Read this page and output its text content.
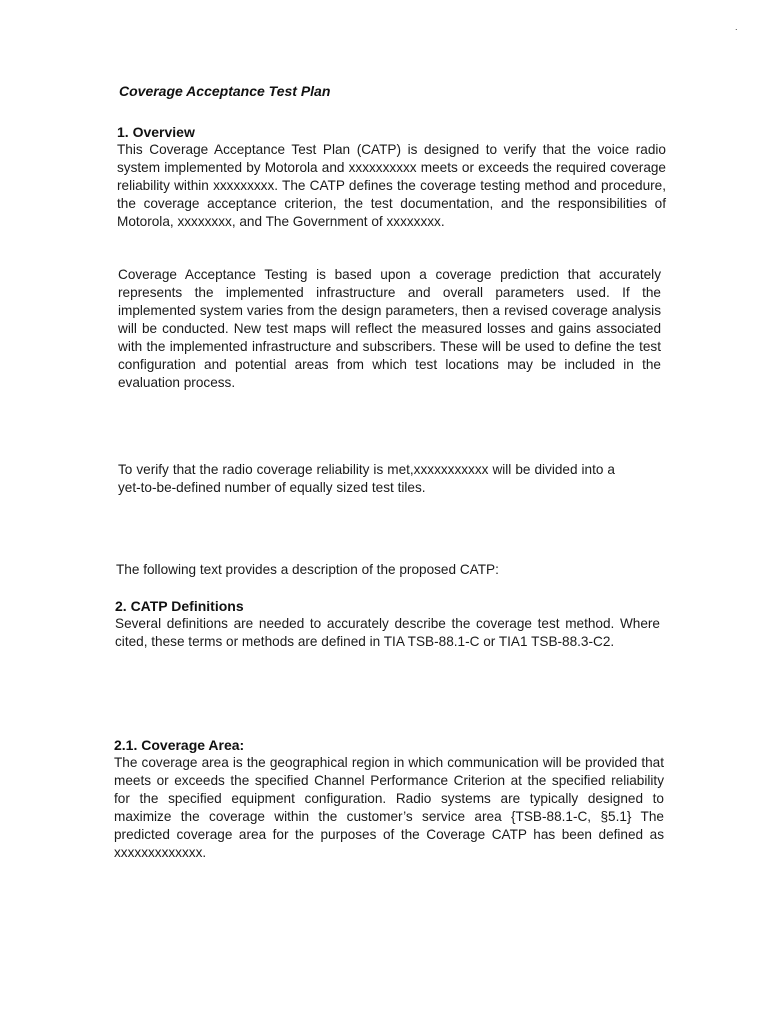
.
Coverage Acceptance Test Plan
1. Overview
This Coverage Acceptance Test Plan (CATP) is designed to verify that the voice radio system implemented by Motorola and xxxxxxxxxx meets or exceeds the required coverage reliability within xxxxxxxxx. The CATP defines the coverage testing method and procedure, the coverage acceptance criterion, the test documentation, and the responsibilities of Motorola, xxxxxxxx, and The Government of xxxxxxxx.
Coverage Acceptance Testing is based upon a coverage prediction that accurately represents the implemented infrastructure and overall parameters used. If the implemented system varies from the design parameters, then a revised coverage analysis will be conducted. New test maps will reflect the measured losses and gains associated with the implemented infrastructure and subscribers. These will be used to define the test configuration and potential areas from which test locations may be included in the evaluation process.
To verify that the radio coverage reliability is met,xxxxxxxxxxx will be divided into a yet-to-be-defined number of equally sized test tiles.
The following text provides a description of the proposed CATP:
2. CATP Definitions
Several definitions are needed to accurately describe the coverage test method. Where cited, these terms or methods are defined in TIA TSB-88.1-C or TIA1 TSB-88.3-C2.
2.1. Coverage Area:
The coverage area is the geographical region in which communication will be provided that meets or exceeds the specified Channel Performance Criterion at the specified reliability for the specified equipment configuration. Radio systems are typically designed to maximize the coverage within the customer’s service area {TSB-88.1-C, §5.1} The predicted coverage area for the purposes of the Coverage CATP has been defined as xxxxxxxxxxxxx.
